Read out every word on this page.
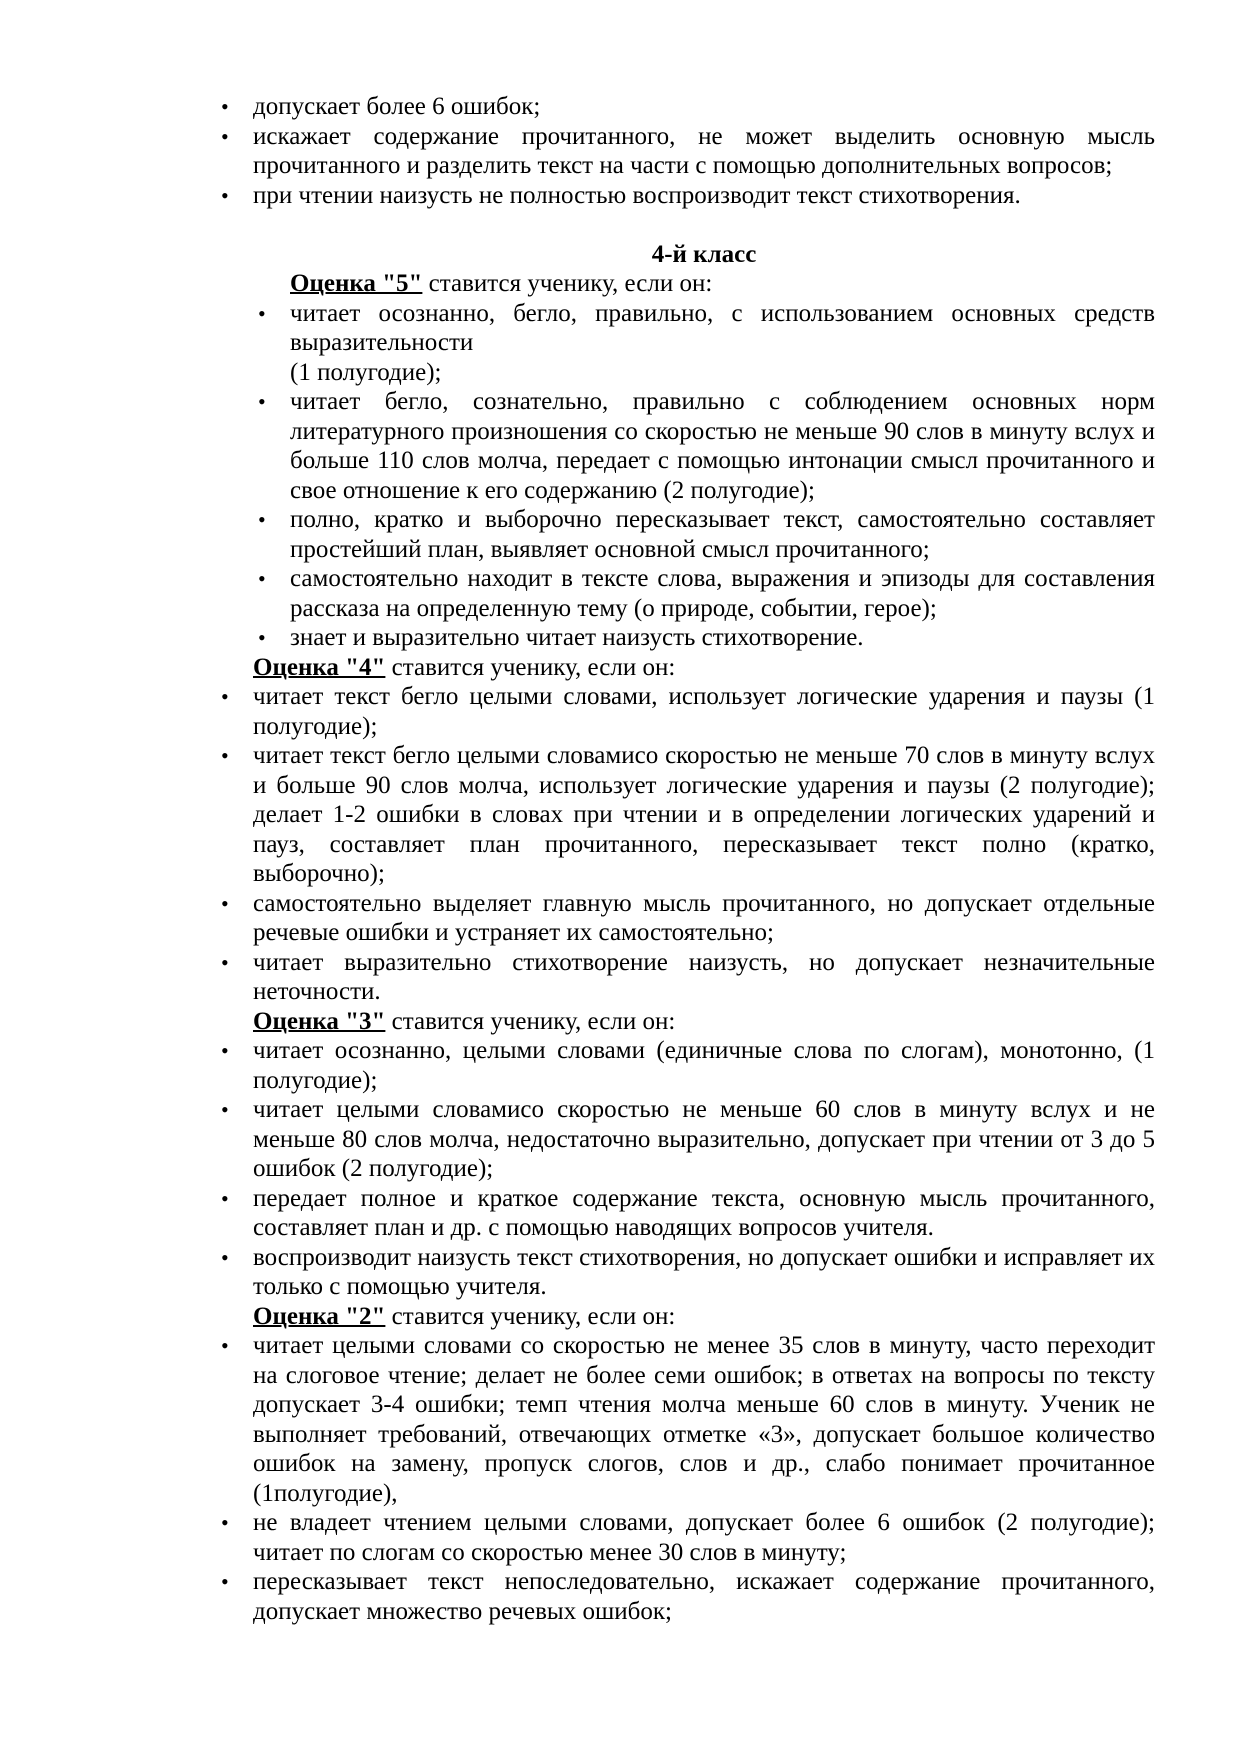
• допускает более 6 ошибок;
• искажает содержание прочитанного, не может выделить основную мысль прочитанного и разделить текст на части с помощью дополнительных вопросов;
• при чтении наизусть не полностью воспроизводит текст стихотворения.
4-й класс
Оценка "5" ставится ученику, если он:
• читает осознанно, бегло, правильно, с использованием основных средств выразительности
(1 полугодие);
• читает бегло, сознательно, правильно с соблюдением основных норм литературного произношения со скоростью не меньше 90 слов в минуту вслух и больше 110 слов молча, передает с помощью интонации смысл прочитанного и свое отношение к его содержанию (2 полугодие);
• полно, кратко и выборочно пересказывает текст, самостоятельно составляет простейший план, выявляет основной смысл прочитанного;
• самостоятельно находит в тексте слова, выражения и эпизоды для составления рассказа на определенную тему (о природе, событии, герое);
• знает и выразительно читает наизусть стихотворение.
Оценка "4" ставится ученику, если он:
• читает текст бегло целыми словами, использует логические ударения и паузы (1 полугодие);
• читает текст бегло целыми словамисо скоростью не меньше 70 слов в минуту вслух и больше 90 слов молча, использует логические ударения и паузы (2 полугодие); делает 1-2 ошибки в словах при чтении и в определении логических ударений и пауз, составляет план прочитанного, пересказывает текст полно (кратко, выборочно);
• самостоятельно выделяет главную мысль прочитанного, но допускает отдельные речевые ошибки и устраняет их самостоятельно;
• читает выразительно стихотворение наизусть, но допускает незначительные неточности.
Оценка "3" ставится ученику, если он:
• читает осознанно, целыми словами (единичные слова по слогам), монотонно, (1 полугодие);
• читает целыми словамисо скоростью не меньше 60 слов в минуту вслух и не меньше 80 слов молча, недостаточно выразительно, допускает при чтении от 3 до 5 ошибок (2 полугодие);
• передает полное и краткое содержание текста, основную мысль прочитанного, составляет план и др. с помощью наводящих вопросов учителя.
• воспроизводит наизусть текст стихотворения, но допускает ошибки и исправляет их только с помощью учителя.
Оценка "2" ставится ученику, если он:
• читает целыми словами со скоростью не менее 35 слов в минуту, часто переходит на слоговое чтение; делает не более семи ошибок; в ответах на вопросы по тексту допускает 3-4 ошибки; темп чтения молча меньше 60 слов в минуту. Ученик не выполняет требований, отвечающих отметке «3», допускает большое количество ошибок на замену, пропуск слогов, слов и др., слабо понимает прочитанное (1полугодие),
• не владеет чтением целыми словами, допускает более 6 ошибок (2 полугодие); читает по слогам со скоростью менее 30 слов в минуту;
• пересказывает текст непоследовательно, искажает содержание прочитанного, допускает множество речевых ошибок;
